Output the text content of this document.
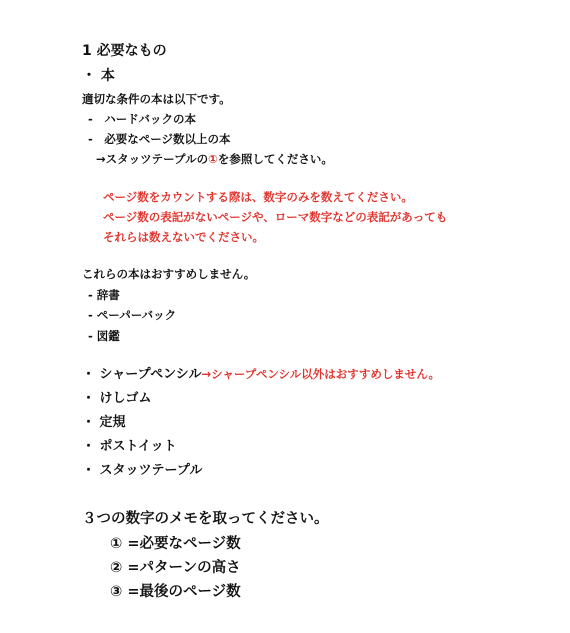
1 必要なもの
・ 本
適切な条件の本は以下です。
-　ハードバックの本
-　必要なページ数以上の本
→スタッツテープルの①を参照してください。
ページ数をカウントする際は、数字のみを数えてください。
ページ数の表記がないページや、ローマ数字などの表記があっても
それらは数えないでください。
これらの本はおすすめしません。
- 辞書
- ペーパーバック
- 図鑑
・ シャープペンシル→シャープペンシル以外はおすすめしません。
・ けしゴム
・ 定規
・ ポストイット
・ スタッツテープル
３つの数字のメモを取ってください。
① =必要なページ数
② =パターンの高さ
③ =最後のページ数
